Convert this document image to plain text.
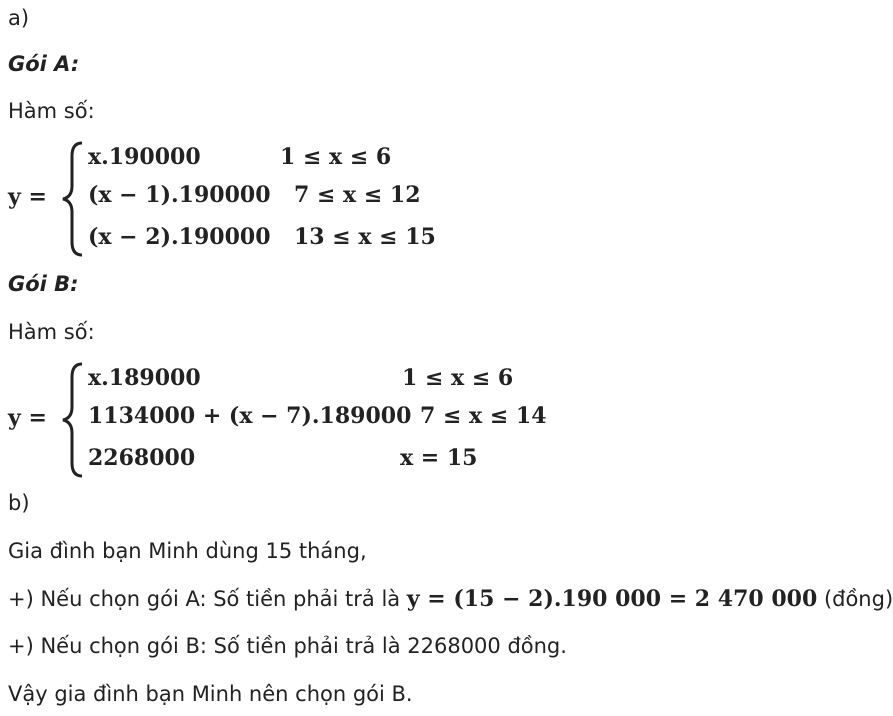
a)
Gói A:
Hàm số:
y =
x.190000	1 ≤ x ≤ 6
(x − 1).190000 7 ≤ x ≤ 12
(x − 2).190000 13 ≤ x ≤ 15
Gói B:
Hàm số:
y =
x.189000	1 ≤ x ≤ 6
1134000 + (x − 7).189000 7 ≤ x ≤ 14
2268000	x = 15
b)
Gia đình bạn Minh dùng 15 tháng,
+) Nếu chọn gói A: Số tiền phải trả là y = (15 − 2).190 000 = 2 470 000 (đồng)
+) Nếu chọn gói B: Số tiền phải trả là 2268000 đồng.
Vậy gia đình bạn Minh nên chọn gói B.
